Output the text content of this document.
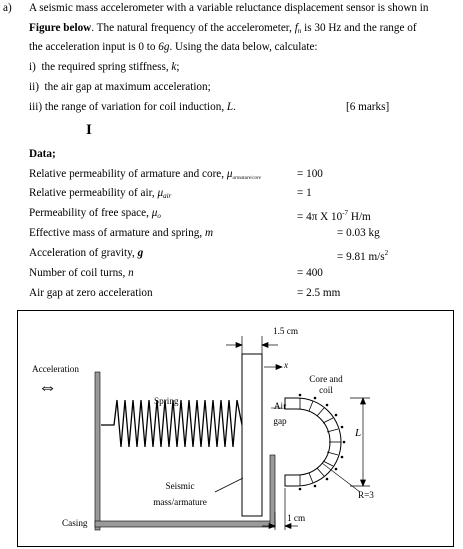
a) A seismic mass accelerometer with a variable reluctance displacement sensor is shown in
Figure below. The natural frequency of the accelerometer, $f_n$ is 30 Hz and the range of
the acceleration input is 0 to 6g. Using the data below, calculate:
i) the required spring stiffness, k;
ii) the air gap at maximum acceleration;
iii) the range of variation for coil induction, L.	[6 marks]
I
Data;
Relative permeability of armature and core, $\mu_{armature/core}$	= 100
Relative permeability of air, $\mu_{air}$	= 1
Permeability of free space, $\mu_o$	= 4π X $10^{-7}$ H/m
Effective mass of armature and spring, m	= 0.03 kg
Acceleration of gravity, g	= 9.81 $m/s^2$
Number of coil turns, n	= 400
Air gap at zero acceleration	= 2.5 mm
Acceleration
⇔
Spring
Seismic
mass/armature
Casing
Air
gap
Core and
coil
1.5 cm
x
L
R=3
1 cm
